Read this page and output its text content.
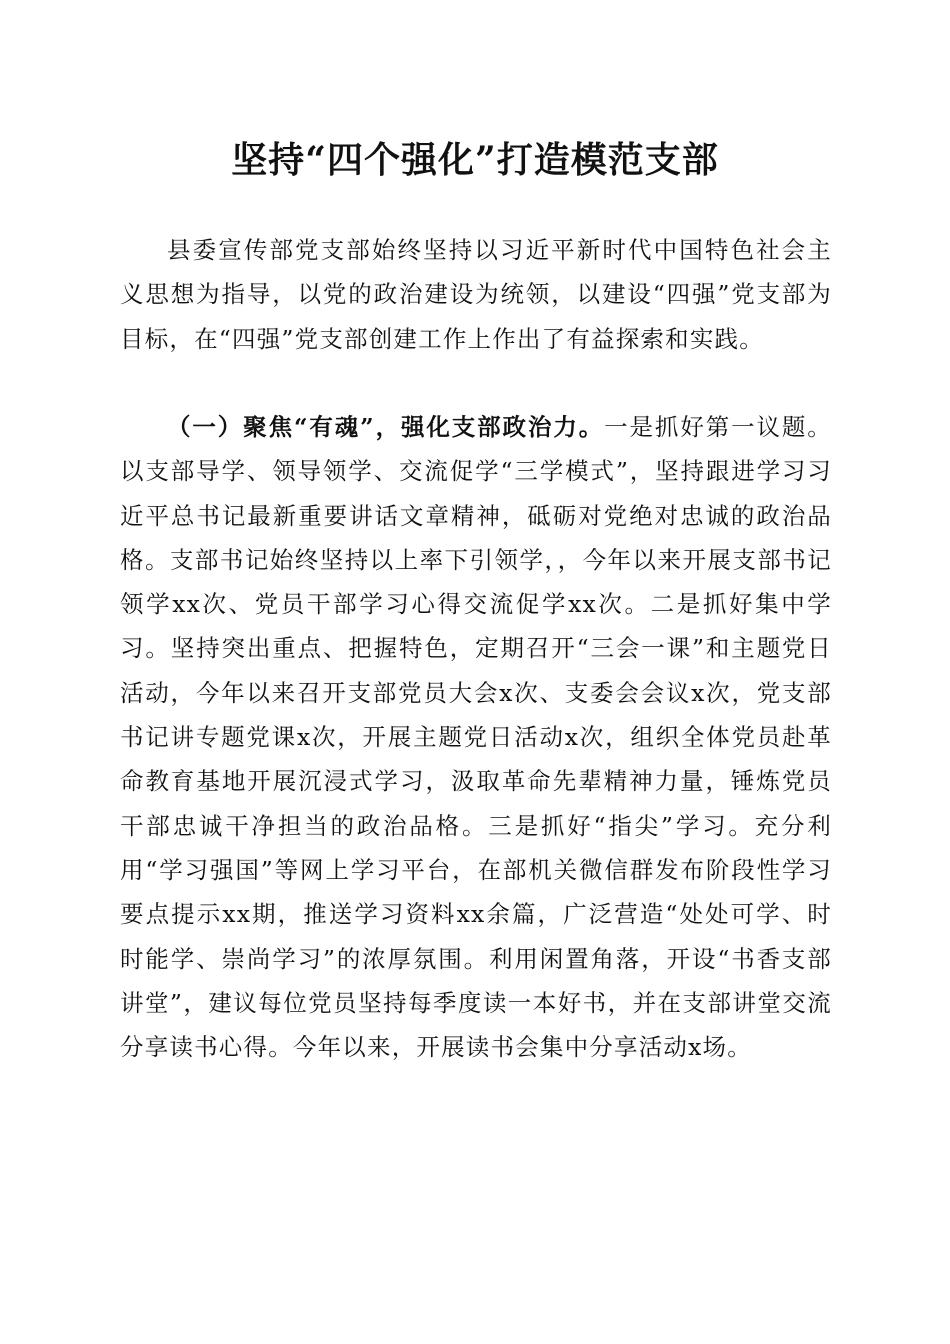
坚持“四个强化”打造模范支部

县委宣传部党支部始终坚持以习近平新时代中国特色社会主义思想为指导，以党的政治建设为统领，以建设“四强”党支部为目标，在“四强”党支部创建工作上作出了有益探索和实践。

（一）聚焦“有魂”，强化支部政治力。一是抓好第一议题。以支部导学、领导领学、交流促学“三学模式”，坚持跟进学习习近平总书记最新重要讲话文章精神，砥砺对党绝对忠诚的政治品格。支部书记始终坚持以上率下引领学，，今年以来开展支部书记领学xx次、党员干部学习心得交流促学xx次。二是抓好集中学习。坚持突出重点、把握特色，定期召开“三会一课”和主题党日活动，今年以来召开支部党员大会x次、支委会会议x次，党支部书记讲专题党课x次，开展主题党日活动x次，组织全体党员赴革命教育基地开展沉浸式学习，汲取革命先辈精神力量，锤炼党员干部忠诚干净担当的政治品格。三是抓好“指尖”学习。充分利用“学习强国”等网上学习平台，在部机关微信群发布阶段性学习要点提示xx期，推送学习资料xx余篇，广泛营造“处处可学、时时能学、崇尚学习”的浓厚氛围。利用闲置角落，开设“书香支部讲堂”，建议每位党员坚持每季度读一本好书，并在支部讲堂交流分享读书心得。今年以来，开展读书会集中分享活动x场。
